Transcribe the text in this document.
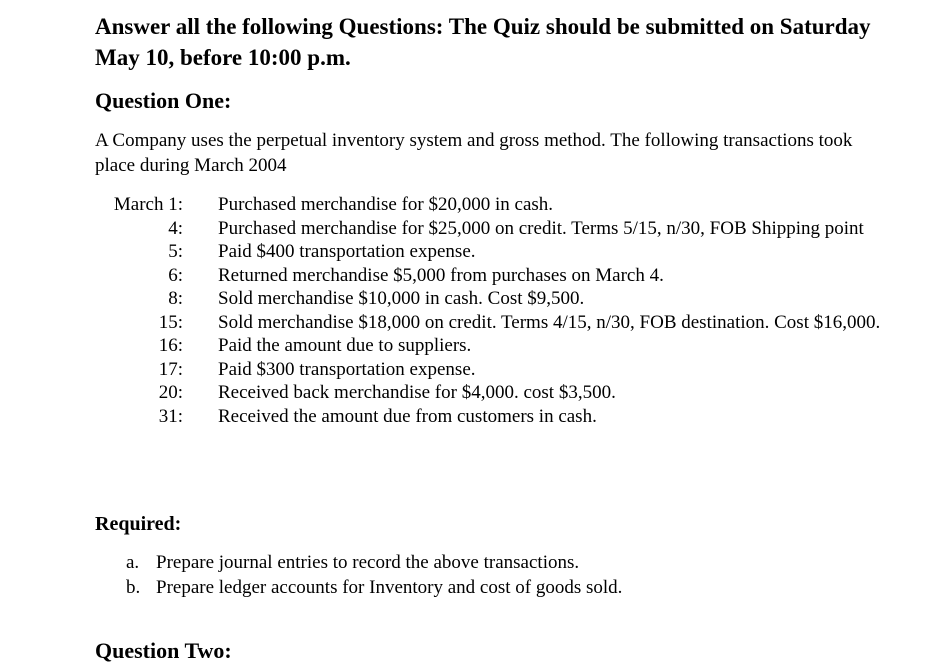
Answer all the following Questions: The Quiz should be submitted on Saturday May 10, before 10:00 p.m.
Question One:
A Company uses the perpetual inventory system and gross method. The following transactions took place during March 2004
March 1: Purchased merchandise for $20,000 in cash.
4: Purchased merchandise for $25,000 on credit. Terms 5/15, n/30, FOB Shipping point
5: Paid $400 transportation expense.
6: Returned merchandise $5,000 from purchases on March 4.
8: Sold merchandise $10,000 in cash. Cost $9,500.
15: Sold merchandise $18,000 on credit. Terms 4/15, n/30, FOB destination. Cost $16,000.
16: Paid the amount due to suppliers.
17: Paid $300 transportation expense.
20: Received back merchandise for $4,000. cost $3,500.
31: Received the amount due from customers in cash.
Required:
a. Prepare journal entries to record the above transactions.
b. Prepare ledger accounts for Inventory and cost of goods sold.
Question Two:
